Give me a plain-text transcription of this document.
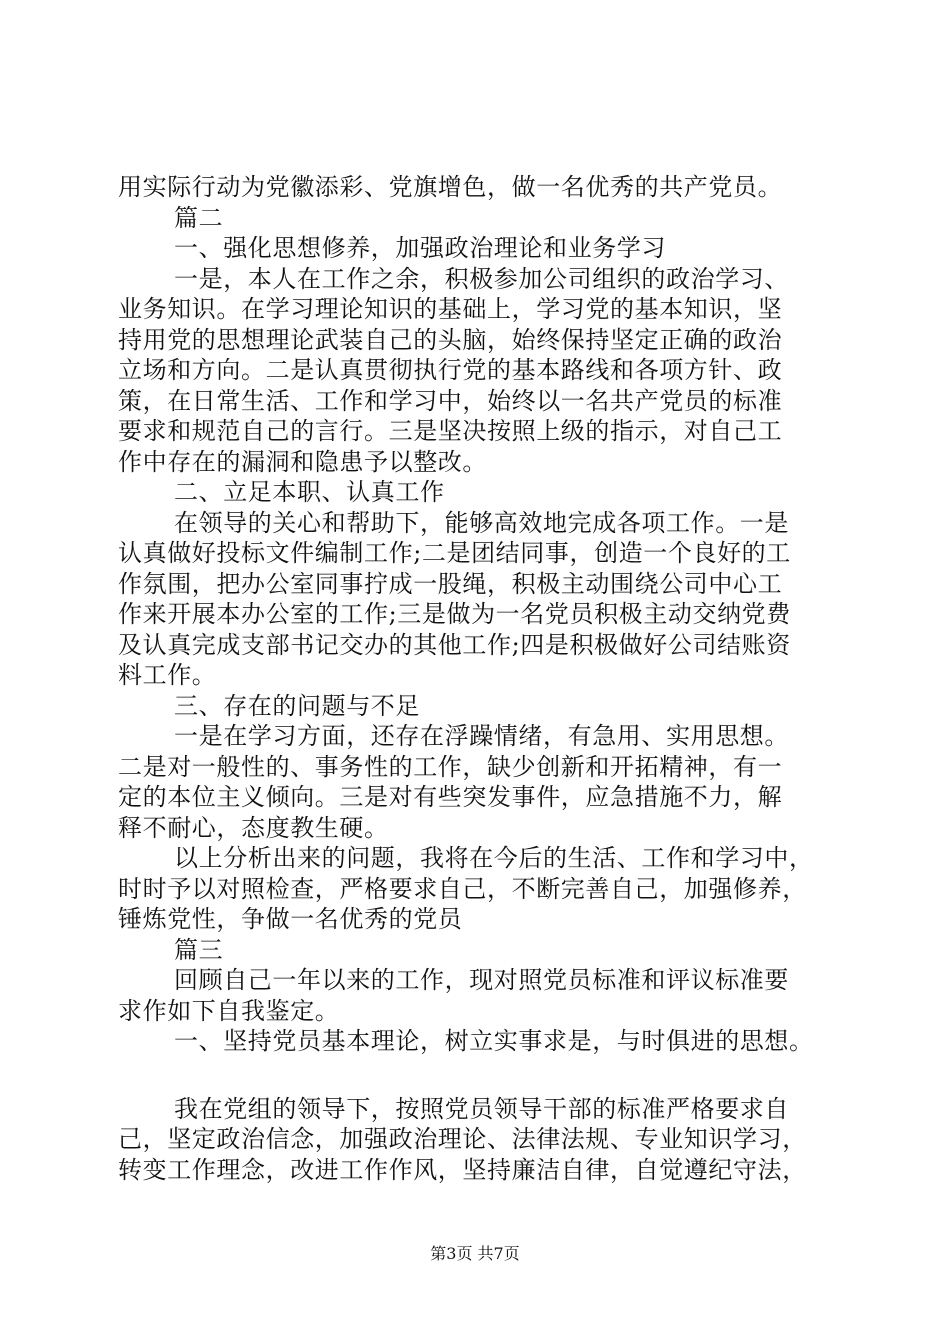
用实际行动为党徽添彩、党旗增色，做一名优秀的共产党员。
篇二
一、强化思想修养，加强政治理论和业务学习
一是，本人在工作之余，积极参加公司组织的政治学习、
业务知识。在学习理论知识的基础上，学习党的基本知识，坚
持用党的思想理论武装自己的头脑，始终保持坚定正确的政治
立场和方向。二是认真贯彻执行党的基本路线和各项方针、政
策，在日常生活、工作和学习中，始终以一名共产党员的标准
要求和规范自己的言行。三是坚决按照上级的指示，对自己工
作中存在的漏洞和隐患予以整改。
二、立足本职、认真工作
在领导的关心和帮助下，能够高效地完成各项工作。一是
认真做好投标文件编制工作;二是团结同事，创造一个良好的工
作氛围，把办公室同事拧成一股绳，积极主动围绕公司中心工
作来开展本办公室的工作;三是做为一名党员积极主动交纳党费
及认真完成支部书记交办的其他工作;四是积极做好公司结账资
料工作。
三、存在的问题与不足
一是在学习方面，还存在浮躁情绪，有急用、实用思想。
二是对一般性的、事务性的工作，缺少创新和开拓精神，有一
定的本位主义倾向。三是对有些突发事件，应急措施不力，解
释不耐心，态度教生硬。
以上分析出来的问题，我将在今后的生活、工作和学习中，
时时予以对照检查，严格要求自己，不断完善自己，加强修养，
锤炼党性，争做一名优秀的党员
篇三
回顾自己一年以来的工作，现对照党员标准和评议标准要
求作如下自我鉴定。
一、坚持党员基本理论，树立实事求是，与时俱进的思想。
我在党组的领导下，按照党员领导干部的标准严格要求自
己，坚定政治信念，加强政治理论、法律法规、专业知识学习，
转变工作理念，改进工作作风，坚持廉洁自律，自觉遵纪守法，
第3页 共7页
